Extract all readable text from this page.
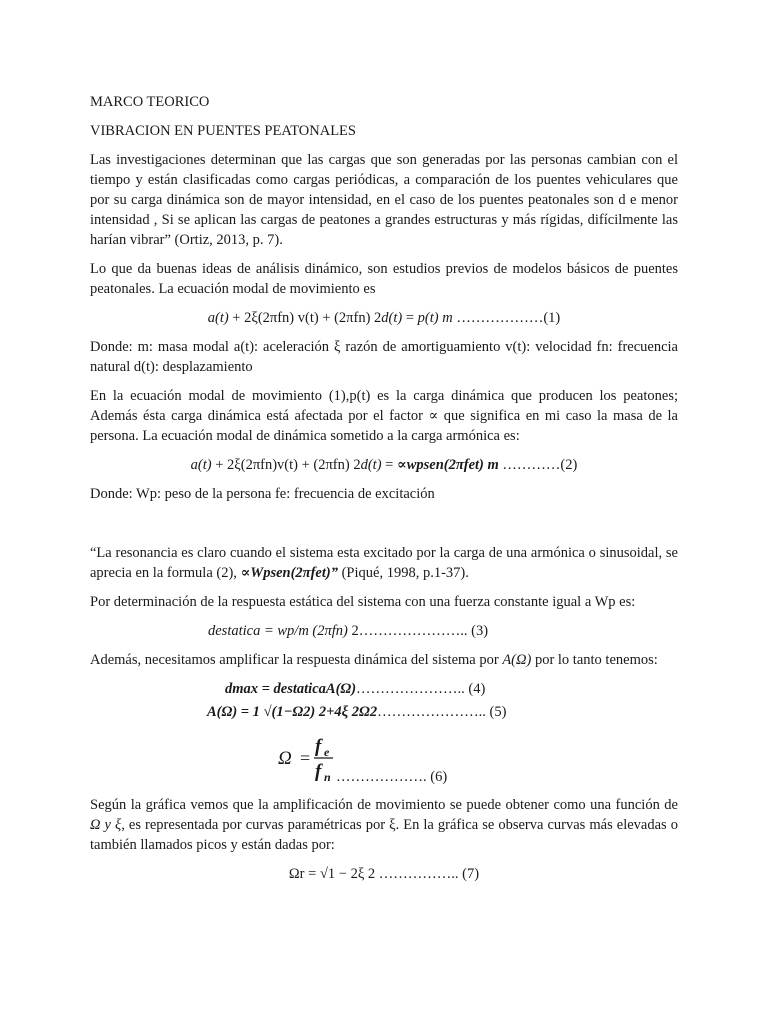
MARCO TEORICO

VIBRACION EN PUENTES PEATONALES

Las investigaciones determinan que las cargas que son generadas por las personas cambian con el tiempo y están clasificadas como cargas periódicas, a comparación de los puentes vehiculares que por su carga dinámica son de mayor intensidad, en el caso de los puentes peatonales son d e menor intensidad , Si se aplican las cargas de peatones a grandes estructuras y más rígidas, difícilmente las harían vibrar” (Ortiz, 2013, p. 7).

Lo que da buenas ideas de análisis dinámico, son estudios previos de modelos básicos de puentes peatonales. La ecuación modal de movimiento es

a(t) + 2ξ(2πfn) v(t) + (2πfn) 2d(t) = p(t) m ………………(1)

Donde: m: masa modal a(t): aceleración ξ razón de amortiguamiento v(t): velocidad fn: frecuencia natural d(t): desplazamiento

En la ecuación modal de movimiento (1),p(t) es la carga dinámica que producen los peatones; Además ésta carga dinámica está afectada por el factor ∝ que significa en mi caso la masa de la persona. La ecuación modal de dinámica sometido a la carga armónica es:

a(t) + 2ξ(2πfn)v(t) + (2πfn) 2d(t) = ∝wpsen(2πfet) m …………(2)

Donde: Wp: peso de la persona fe: frecuencia de excitación

“La resonancia es claro cuando el sistema esta excitado por la carga de una armónica o sinusoidal, se aprecia en la formula (2), ∝Wpsen(2πfet)” (Piqué, 1998, p.1-37).

Por determinación de la respuesta estática del sistema con una fuerza constante igual a Wp es:

destatica = wp/m (2πfn) 2………………….. (3)

Además, necesitamos amplificar la respuesta dinámica del sistema por A(Ω) por lo tanto tenemos:

dmax = destaticaA(Ω)………………….. (4)

A(Ω) = 1 √(1−Ω2) 2+4ξ 2Ω2………………….. (5)

Ω =
f e
f n ………………. (6)

Según la gráfica vemos que la amplificación de movimiento se puede obtener como una función de Ω y ξ, es representada por curvas paramétricas por ξ. En la gráfica se observa curvas más elevadas o también llamados picos y están dadas por:

Ωr = √1 − 2ξ 2 …………….. (7)
